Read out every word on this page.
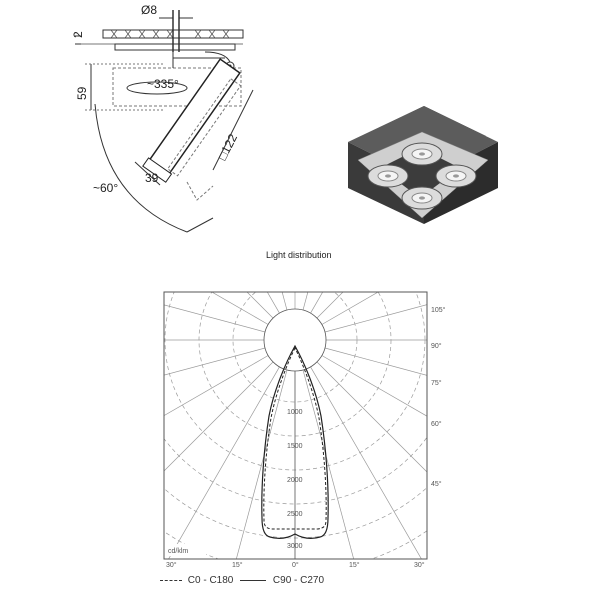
Ø8
2
59
~335°
□122
39
~60°
Light distribution
1000
1500
2000
2500
3000
105°
90°
75°
60°
45°
cd/klm
30°	15°	0°	15°	30°
C0 - C180	C90 - C270
